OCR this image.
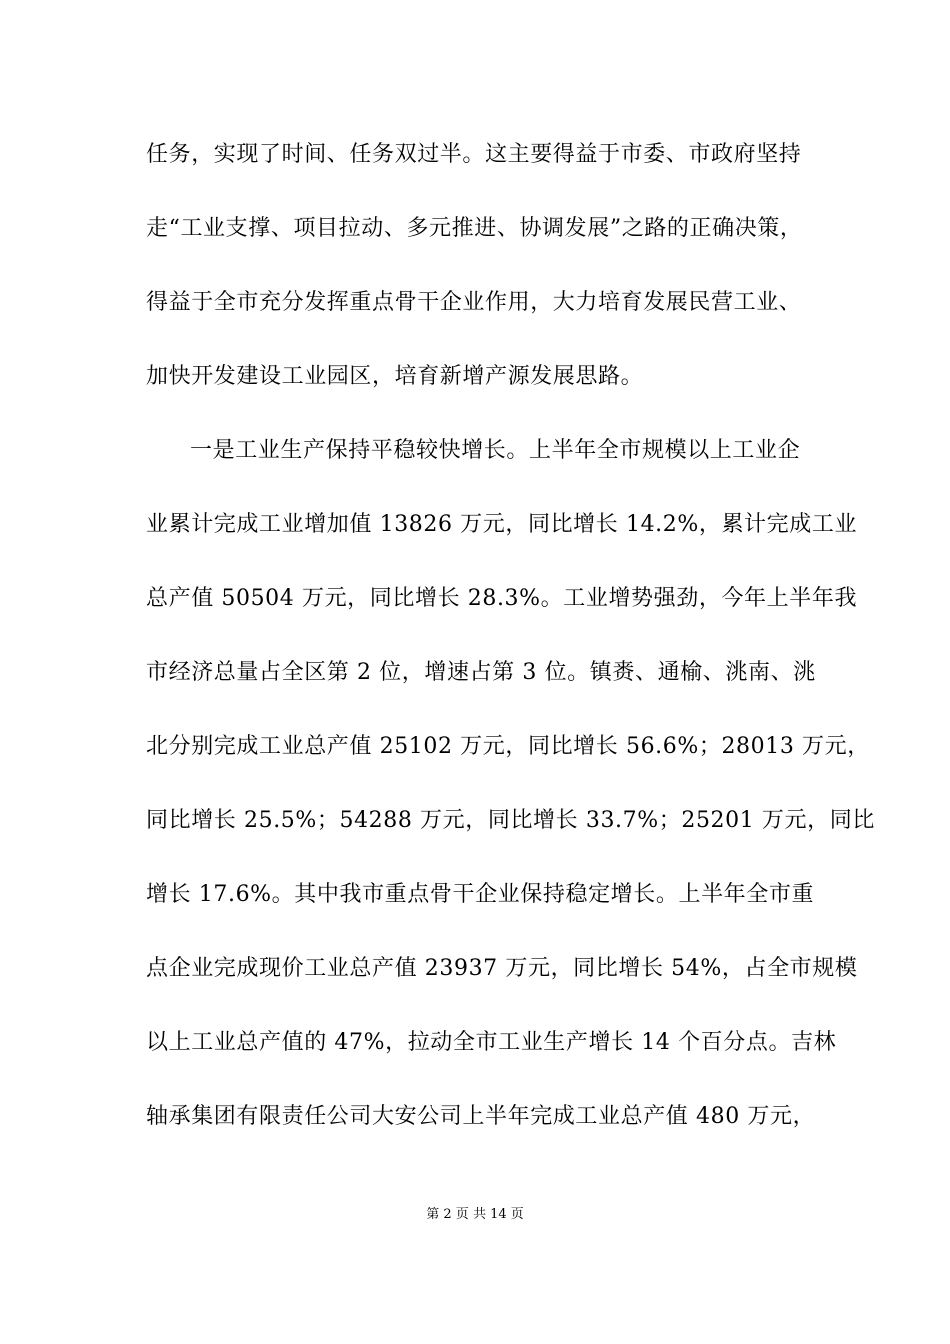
任务，实现了时间、任务双过半。这主要得益于市委、市政府坚持
走“工业支撑、项目拉动、多元推进、协调发展”之路的正确决策，
得益于全市充分发挥重点骨干企业作用，大力培育发展民营工业、
加快开发建设工业园区，培育新增产源发展思路。
一是工业生产保持平稳较快增长。上半年全市规模以上工业企
业累计完成工业增加值 13826 万元，同比增长 14.2%，累计完成工业
总产值 50504 万元，同比增长 28.3%。工业增势强劲，今年上半年我
市经济总量占全区第 2 位，增速占第 3 位。镇赉、通榆、洮南、洮
北分别完成工业总产值 25102 万元，同比增长 56.6%；28013 万元，
同比增长 25.5%；54288 万元，同比增长 33.7%；25201 万元，同比
增长 17.6%。其中我市重点骨干企业保持稳定增长。上半年全市重
点企业完成现价工业总产值 23937 万元，同比增长 54%，占全市规模
以上工业总产值的 47%，拉动全市工业生产增长 14 个百分点。吉林
轴承集团有限责任公司大安公司上半年完成工业总产值 480 万元，
第 2 页 共 14 页
